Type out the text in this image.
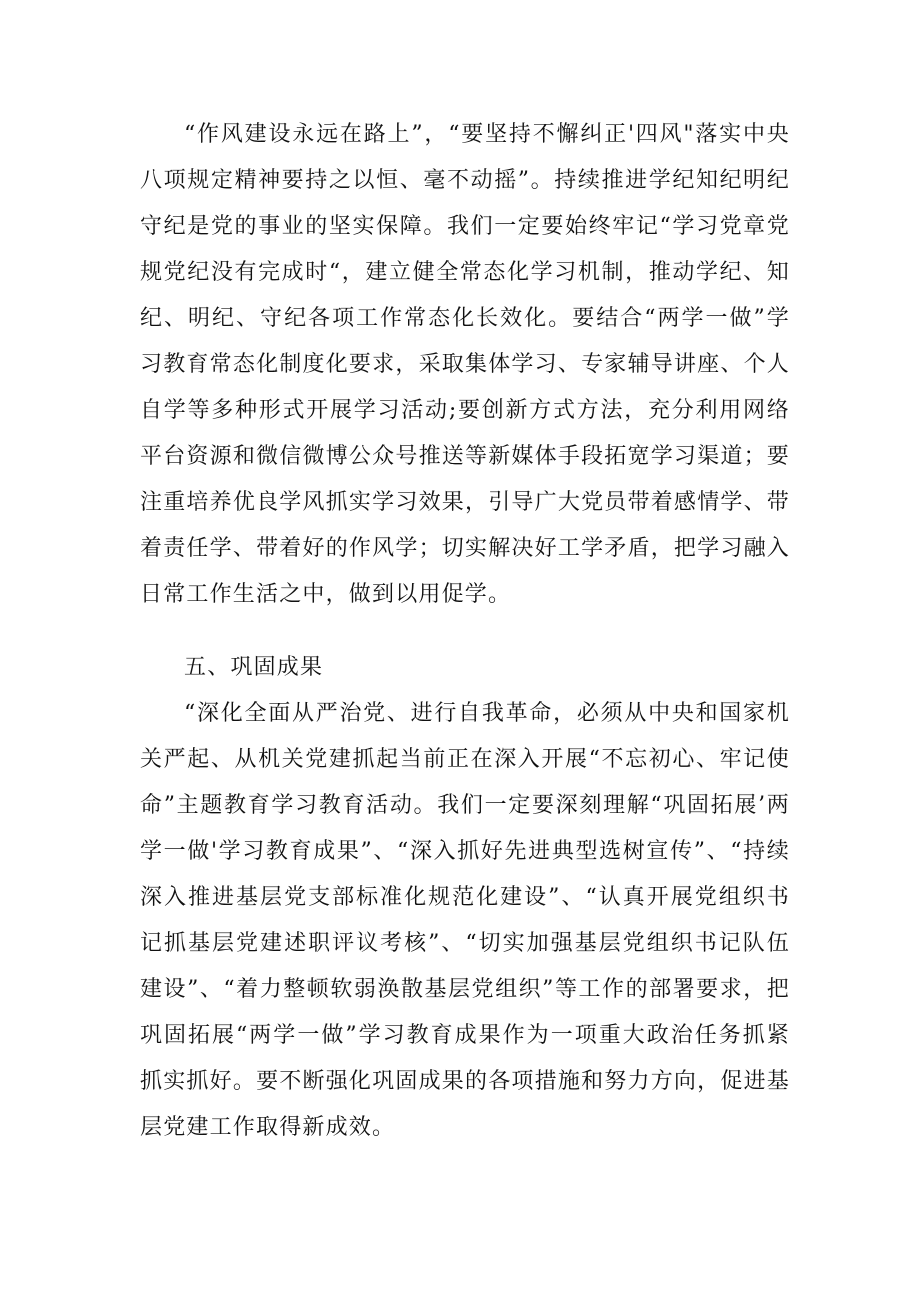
“作风建设永远在路上”，“要坚持不懈纠正'四风"落实中央八项规定精神要持之以恒、毫不动摇”。持续推进学纪知纪明纪守纪是党的事业的坚实保障。我们一定要始终牢记“学习党章党规党纪没有完成时“，建立健全常态化学习机制，推动学纪、知纪、明纪、守纪各项工作常态化长效化。要结合“两学一做”学习教育常态化制度化要求，采取集体学习、专家辅导讲座、个人自学等多种形式开展学习活动;要创新方式方法，充分利用网络平台资源和微信微博公众号推送等新媒体手段拓宽学习渠道；要注重培养优良学风抓实学习效果，引导广大党员带着感情学、带着责任学、带着好的作风学；切实解决好工学矛盾，把学习融入日常工作生活之中，做到以用促学。

五、巩固成果

“深化全面从严治党、进行自我革命，必须从中央和国家机关严起、从机关党建抓起当前正在深入开展“不忘初心、牢记使命”主题教育学习教育活动。我们一定要深刻理解“巩固拓展’两学一做'学习教育成果”、“深入抓好先进典型选树宣传”、“持续深入推进基层党支部标准化规范化建设”、“认真开展党组织书记抓基层党建述职评议考核”、“切实加强基层党组织书记队伍建设”、“着力整顿软弱涣散基层党组织”等工作的部署要求，把巩固拓展“两学一做”学习教育成果作为一项重大政治任务抓紧抓实抓好。要不断强化巩固成果的各项措施和努力方向，促进基层党建工作取得新成效。
